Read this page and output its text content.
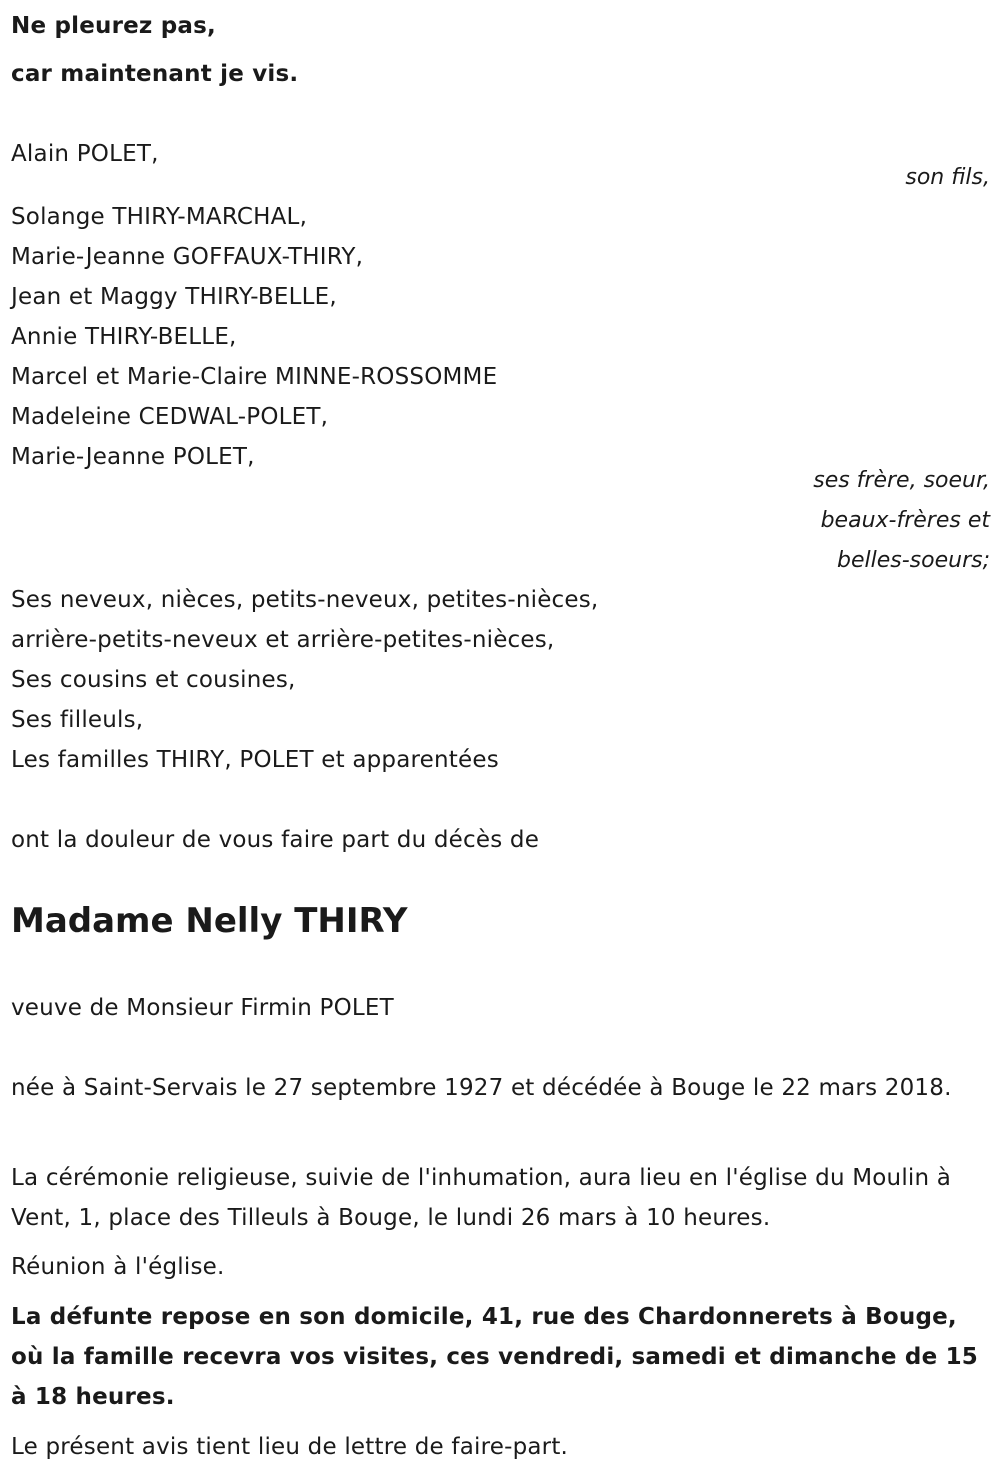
Ne pleurez pas,
car maintenant je vis.
Alain POLET,
son fils,
Solange THIRY-MARCHAL,
Marie-Jeanne GOFFAUX-THIRY,
Jean et Maggy THIRY-BELLE,
Annie THIRY-BELLE,
Marcel et Marie-Claire MINNE-ROSSOMME
Madeleine CEDWAL-POLET,
Marie-Jeanne POLET,
ses frère, soeur,
beaux-frères et
belles-soeurs;
Ses neveux, nièces, petits-neveux, petites-nièces,
arrière-petits-neveux et arrière-petites-nièces,
Ses cousins et cousines,
Ses filleuls,
Les familles THIRY, POLET et apparentées
ont la douleur de vous faire part du décès de
Madame Nelly THIRY
veuve de Monsieur Firmin POLET
née à Saint-Servais le 27 septembre 1927 et décédée à Bouge le 22 mars 2018.
La cérémonie religieuse, suivie de l'inhumation, aura lieu en l'église du Moulin à Vent, 1, place des Tilleuls à Bouge, le lundi 26 mars à 10 heures.
Réunion à l'église.
La défunte repose en son domicile, 41, rue des Chardonnerets à Bouge, où la famille recevra vos visites, ces vendredi, samedi et dimanche de 15 à 18 heures.
Le présent avis tient lieu de lettre de faire-part.
